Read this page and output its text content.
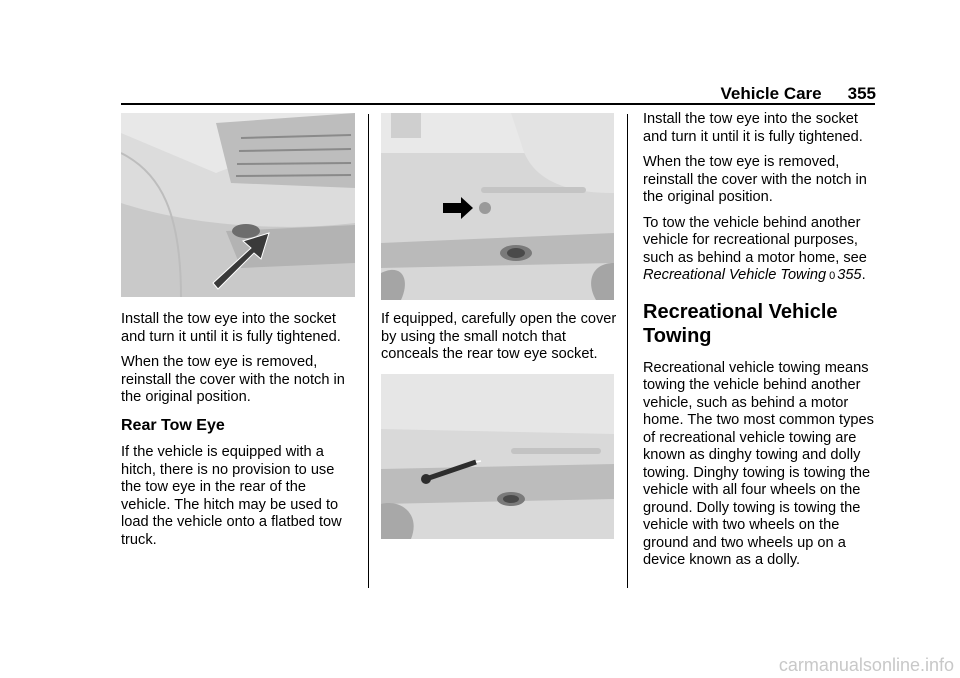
Vehicle Care 355

Install the tow eye into the socket and turn it until it is fully tightened.

When the tow eye is removed, reinstall the cover with the notch in the original position.

Rear Tow Eye

If the vehicle is equipped with a hitch, there is no provision to use the tow eye in the rear of the vehicle. The hitch may be used to load the vehicle onto a flatbed tow truck.

If equipped, carefully open the cover by using the small notch that conceals the rear tow eye socket.

Install the tow eye into the socket and turn it until it is fully tightened.

When the tow eye is removed, reinstall the cover with the notch in the original position.

To tow the vehicle behind another vehicle for recreational purposes, such as behind a motor home, see Recreational Vehicle Towing 0 355.

Recreational Vehicle Towing

Recreational vehicle towing means towing the vehicle behind another vehicle, such as behind a motor home. The two most common types of recreational vehicle towing are known as dinghy towing and dolly towing. Dinghy towing is towing the vehicle with all four wheels on the ground. Dolly towing is towing the vehicle with two wheels on the ground and two wheels up on a device known as a dolly.

carmanualsonline.info
